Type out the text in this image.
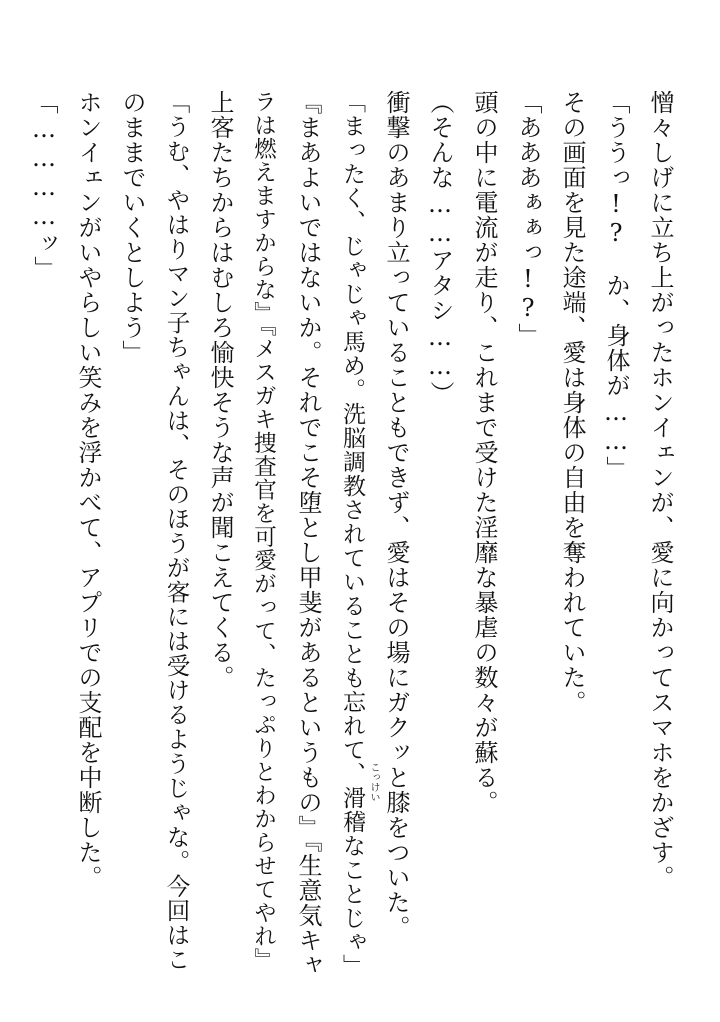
憎々しげに立ち上がったホンイェンが、愛に向かってスマホをかざす。
「ううっ!?　か、身体が……」
その画面を見た途端、愛は身体の自由を奪われていた。
「あああぁぁっ!?」
頭の中に電流が走り、これまで受けた淫靡な暴虐の数々が蘇る。
（そんな……アタシ……）
衝撃のあまり立っていることもできず、愛はその場にガクッと膝をついた。
「まったく、じゃじゃ馬め。洗脳調教されていることも忘れて、滑稽なことじゃ」
『まあよいではないか。それでこそ堕とし甲斐があるというもの』『生意気キャ
ラは燃えますからな』『メスガキ捜査官を可愛がって、たっぷりとわからせてやれ』
上客たちからはむしろ愉快そうな声が聞こえてくる。
「うむ、やはりマン子ちゃんは、そのほうが客には受けるようじゃな。今回はこ
のままでいくとしよう」
ホンイェンがいやらしい笑みを浮かべて、アプリでの支配を中断した。
「…………ッ」
こっけい
